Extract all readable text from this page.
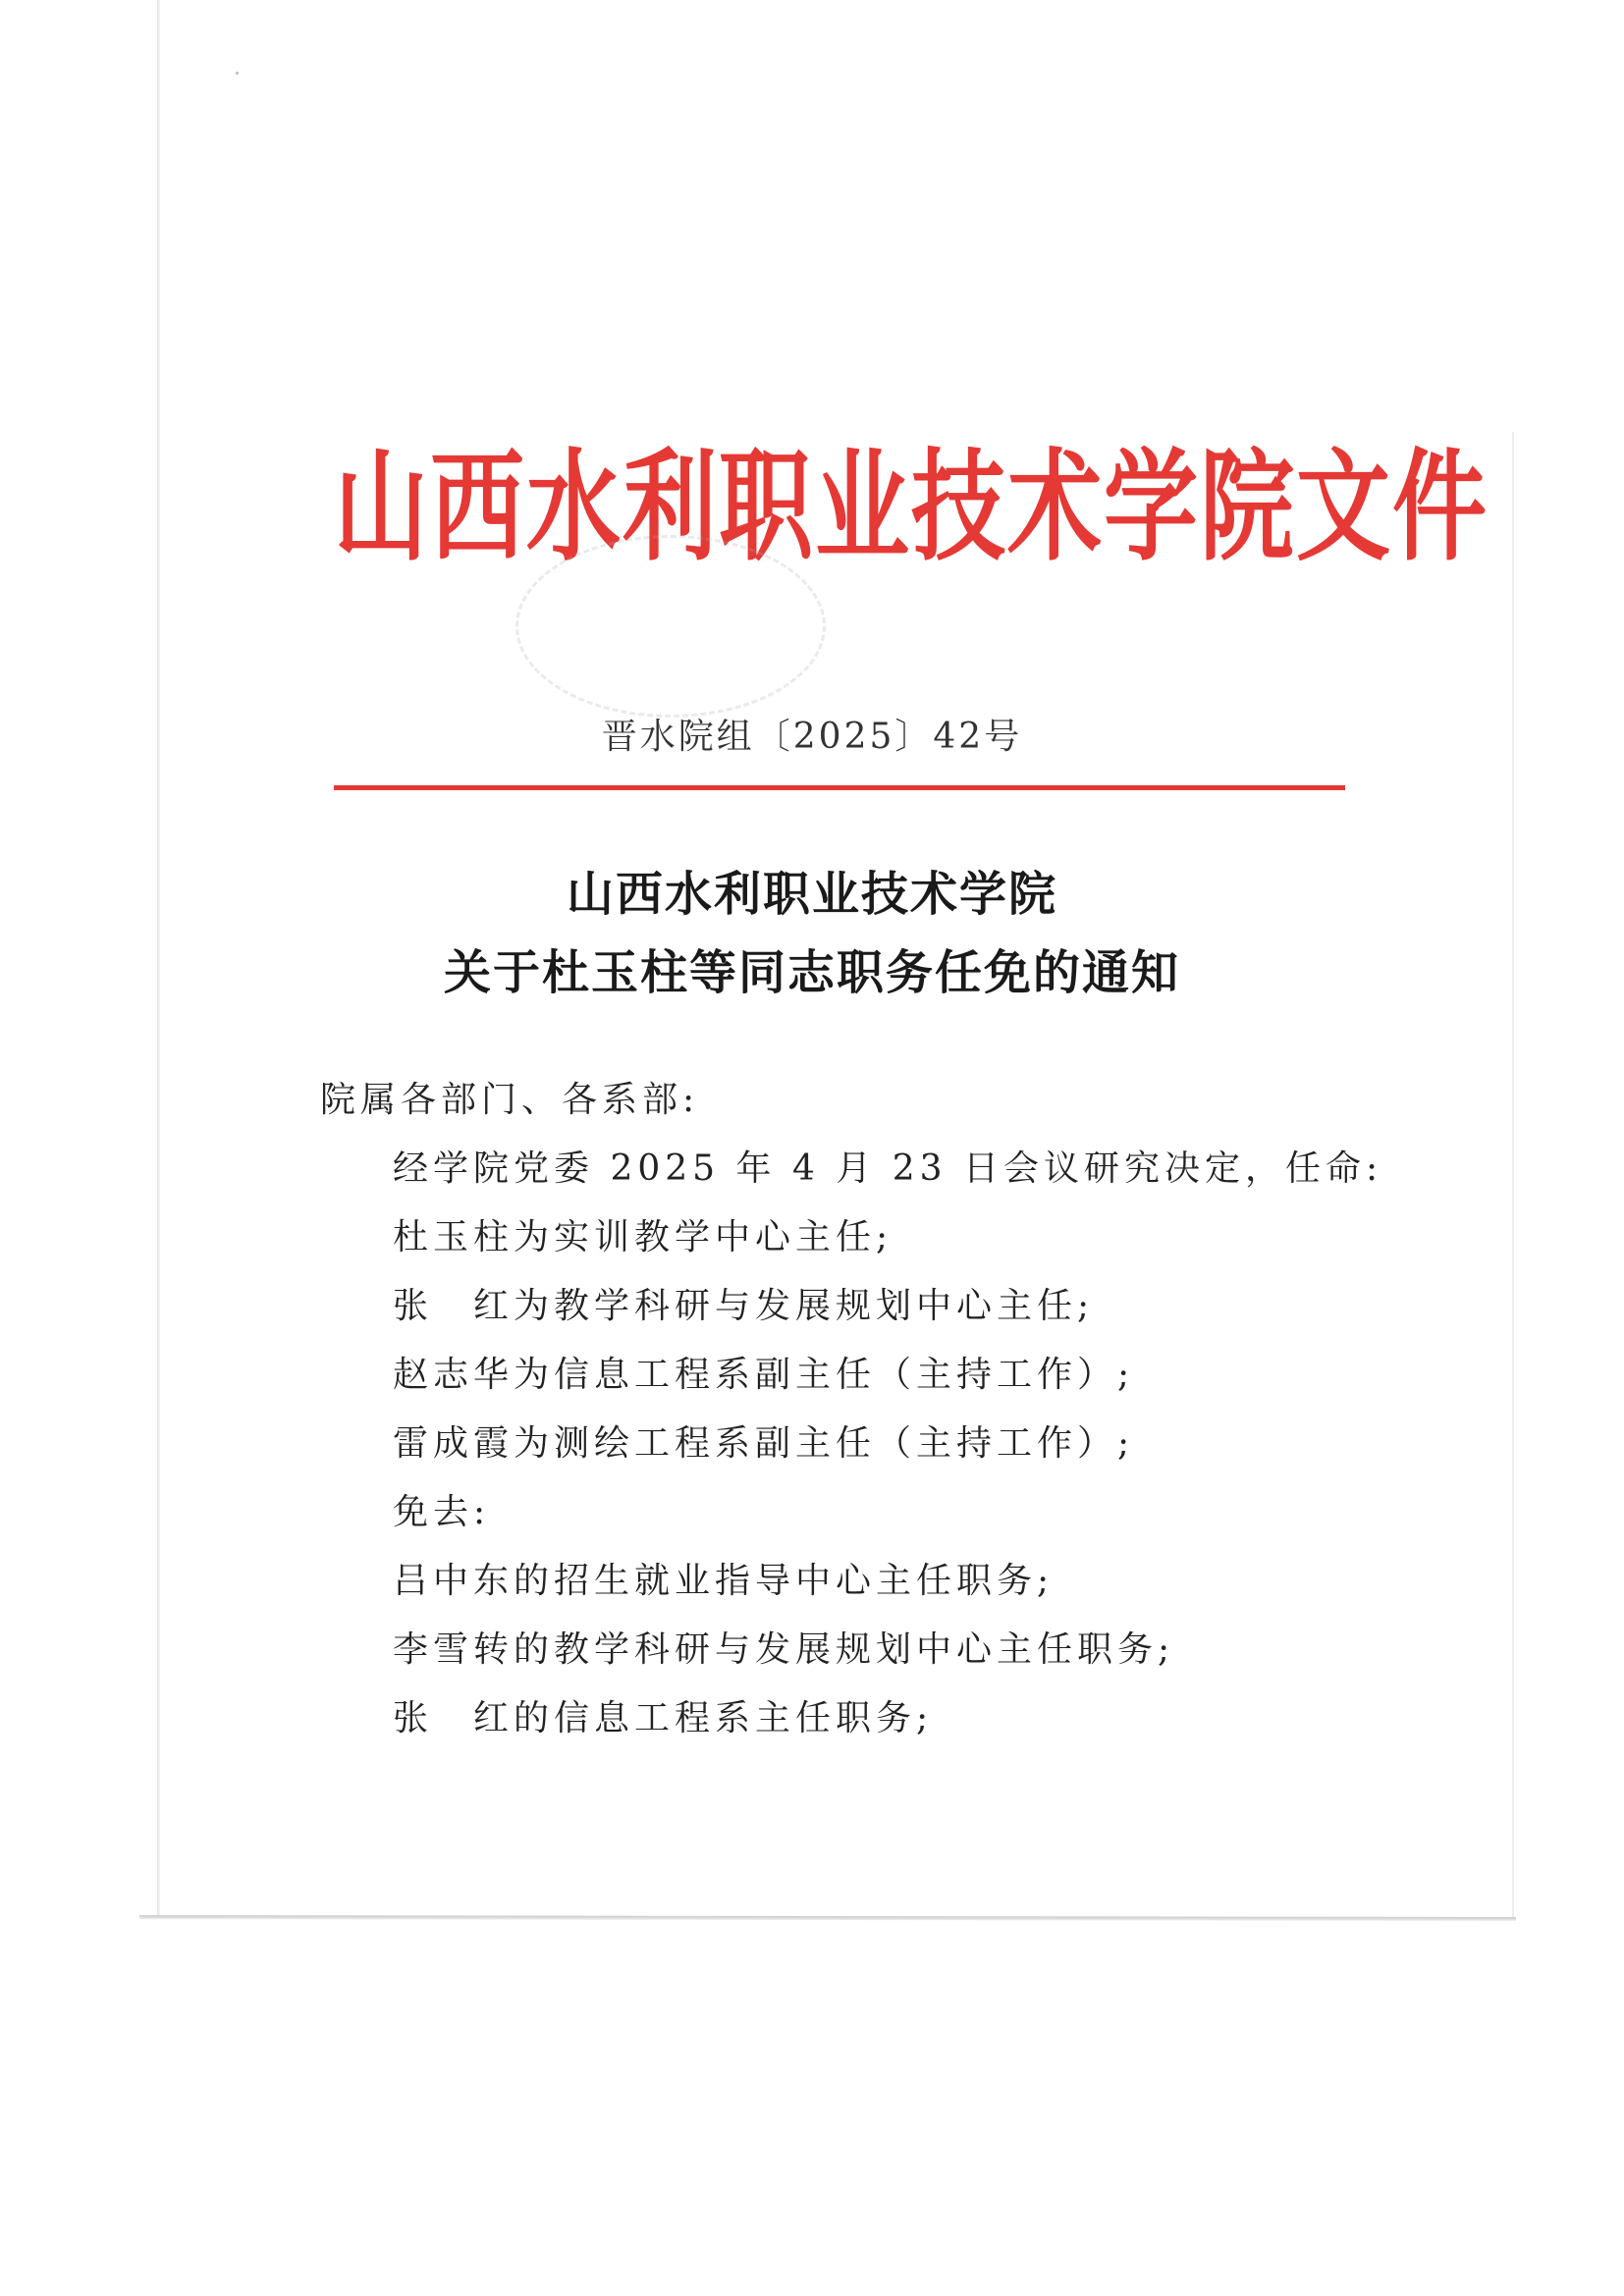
山西水利职业技术学院文件
晋水院组〔2025〕42号
山西水利职业技术学院
关于杜玉柱等同志职务任免的通知
院属各部门、各系部:
经学院党委 2025 年 4 月 23 日会议研究决定，任命:
杜玉柱为实训教学中心主任;
张　红为教学科研与发展规划中心主任;
赵志华为信息工程系副主任（主持工作）;
雷成霞为测绘工程系副主任（主持工作）;
免去:
吕中东的招生就业指导中心主任职务;
李雪转的教学科研与发展规划中心主任职务;
张　红的信息工程系主任职务;
